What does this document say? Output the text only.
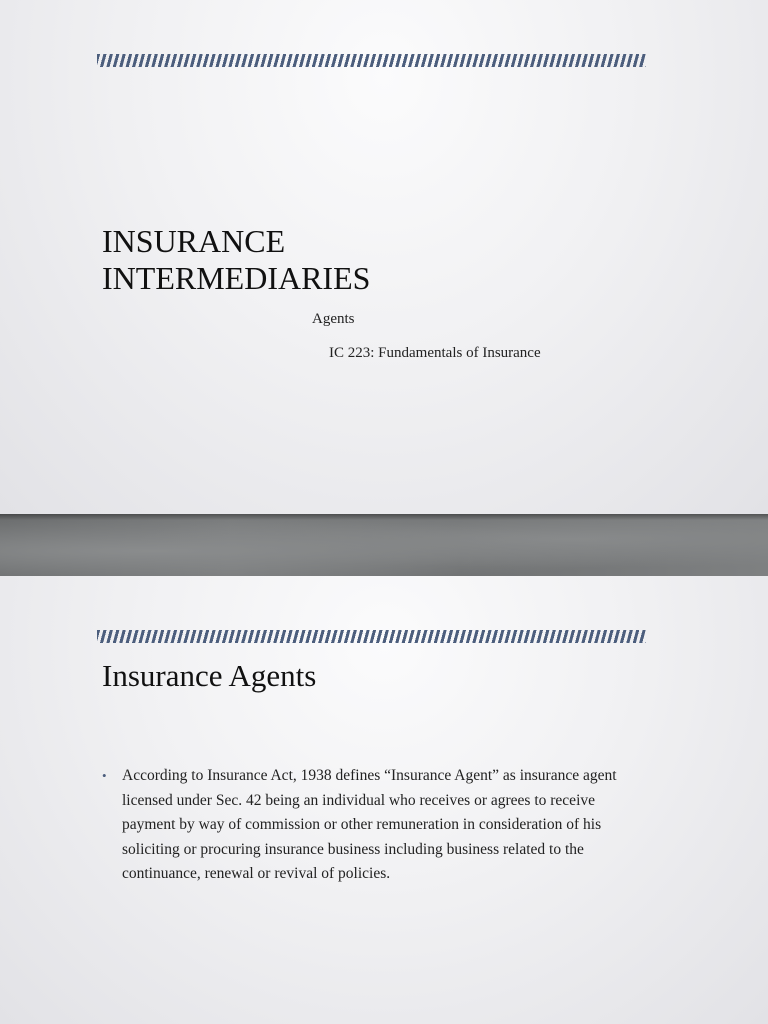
INSURANCE INTERMEDIARIES

Agents

IC 223: Fundamentals of Insurance

Insurance Agents
• According to Insurance Act, 1938 defines “Insurance Agent” as insurance agent licensed under Sec. 42 being an individual who receives or agrees to receive payment by way of commission or other remuneration in consideration of his soliciting or procuring insurance business including business related to the continuance, renewal or revival of policies.
